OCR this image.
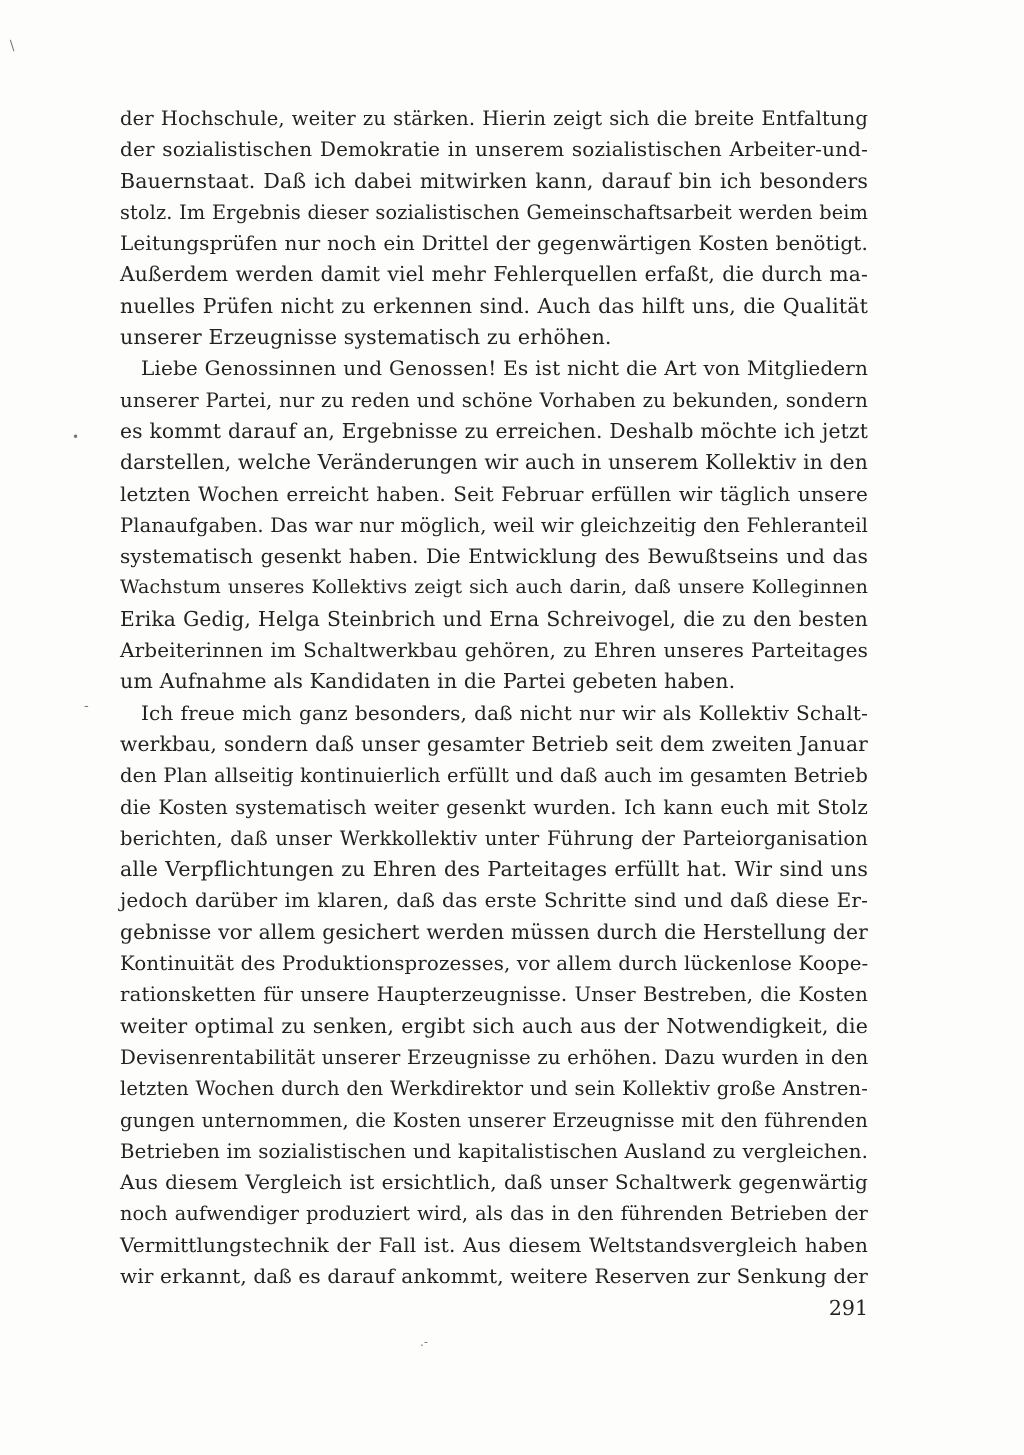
/
•
-
.-
der Hochschule, weiter zu stärken. Hierin zeigt sich die breite Entfaltung
der sozialistischen Demokratie in unserem sozialistischen Arbeiter-und-
Bauernstaat. Daß ich dabei mitwirken kann, darauf bin ich besonders
stolz. Im Ergebnis dieser sozialistischen Gemeinschaftsarbeit werden beim
Leitungsprüfen nur noch ein Drittel der gegenwärtigen Kosten benötigt.
Außerdem werden damit viel mehr Fehlerquellen erfaßt, die durch ma-
nuelles Prüfen nicht zu erkennen sind. Auch das hilft uns, die Qualität
unserer Erzeugnisse systematisch zu erhöhen.
Liebe Genossinnen und Genossen! Es ist nicht die Art von Mitgliedern
unserer Partei, nur zu reden und schöne Vorhaben zu bekunden, sondern
es kommt darauf an, Ergebnisse zu erreichen. Deshalb möchte ich jetzt
darstellen, welche Veränderungen wir auch in unserem Kollektiv in den
letzten Wochen erreicht haben. Seit Februar erfüllen wir täglich unsere
Planaufgaben. Das war nur möglich, weil wir gleichzeitig den Fehleranteil
systematisch gesenkt haben. Die Entwicklung des Bewußtseins und das
Wachstum unseres Kollektivs zeigt sich auch darin, daß unsere Kolleginnen
Erika Gedig, Helga Steinbrich und Erna Schreivogel, die zu den besten
Arbeiterinnen im Schaltwerkbau gehören, zu Ehren unseres Parteitages
um Aufnahme als Kandidaten in die Partei gebeten haben.
Ich freue mich ganz besonders, daß nicht nur wir als Kollektiv Schalt-
werkbau, sondern daß unser gesamter Betrieb seit dem zweiten Januar
den Plan allseitig kontinuierlich erfüllt und daß auch im gesamten Betrieb
die Kosten systematisch weiter gesenkt wurden. Ich kann euch mit Stolz
berichten, daß unser Werkkollektiv unter Führung der Parteiorganisation
alle Verpflichtungen zu Ehren des Parteitages erfüllt hat. Wir sind uns
jedoch darüber im klaren, daß das erste Schritte sind und daß diese Er-
gebnisse vor allem gesichert werden müssen durch die Herstellung der
Kontinuität des Produktionsprozesses, vor allem durch lückenlose Koope-
rationsketten für unsere Haupterzeugnisse. Unser Bestreben, die Kosten
weiter optimal zu senken, ergibt sich auch aus der Notwendigkeit, die
Devisenrentabilität unserer Erzeugnisse zu erhöhen. Dazu wurden in den
letzten Wochen durch den Werkdirektor und sein Kollektiv große Anstren-
gungen unternommen, die Kosten unserer Erzeugnisse mit den führenden
Betrieben im sozialistischen und kapitalistischen Ausland zu vergleichen.
Aus diesem Vergleich ist ersichtlich, daß unser Schaltwerk gegenwärtig
noch aufwendiger produziert wird, als das in den führenden Betrieben der
Vermittlungstechnik der Fall ist. Aus diesem Weltstandsvergleich haben
wir erkannt, daß es darauf ankommt, weitere Reserven zur Senkung der
291
